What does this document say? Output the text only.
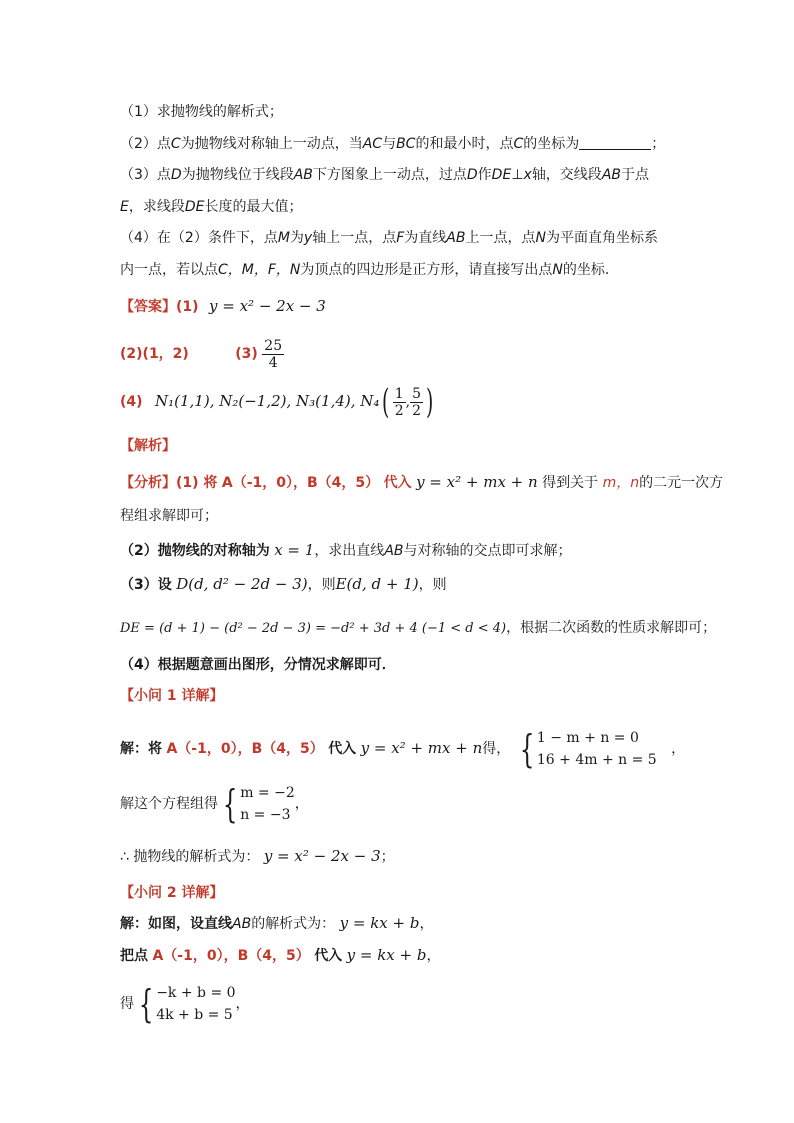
（1）求抛物线的解析式；
（2）点C为抛物线对称轴上一动点，当AC与BC的和最小时，点C的坐标为	；
（3）点D为抛物线位于线段AB下方图象上一动点，过点D作DE⊥x轴，交线段AB于点
E，求线段DE长度的最大值；
（4）在（2）条件下，点M为y轴上一点，点F为直线AB上一点，点N为平面直角坐标系
内一点，若以点C，M，F，N为顶点的四边形是正方形，请直接写出点N的坐标．
【答案】(1) y = x² − 2x − 3
(2)(1，2)	$(3) \frac{25}{4}$
(4) N₁(1,1), N₂(−1,2), N₃(1,4), $N_4( \frac{1}{2}$ , $\frac{5}{2}$ )
【解析】
【分析】(1) 将 A（-1，0），B（4，5） 代入 y = x² + mx + n 得到关于 m，n的二元一次方
程组求解即可；
（2）抛物线的对称轴为 x = 1，求出直线AB与对称轴的交点即可求解；
（3）设 D(d, d² − 2d − 3)，则E(d, d + 1)，则
DE = (d + 1) − (d² − 2d − 3) = −d² + 3d + 4 (−1 < d < 4)，根据二次函数的性质求解即可；
（4）根据题意画出图形，分情况求解即可．
【小问 1 详解】
解：将 A（-1，0），B（4，5） 代入 y = x² + mx + n得， { 1 − m + n = 0
16 + 4m + n = 5
，
解这个方程组得 { m = −2
n = −3
，
∴ 抛物线的解析式为： y = x² − 2x − 3；
【小问 2 详解】
解：如图，设直线AB的解析式为： y = kx + b，
把点 A（-1，0），B（4，5） 代入 y = kx + b，
得 { −k + b = 0
4k + b = 5
，
